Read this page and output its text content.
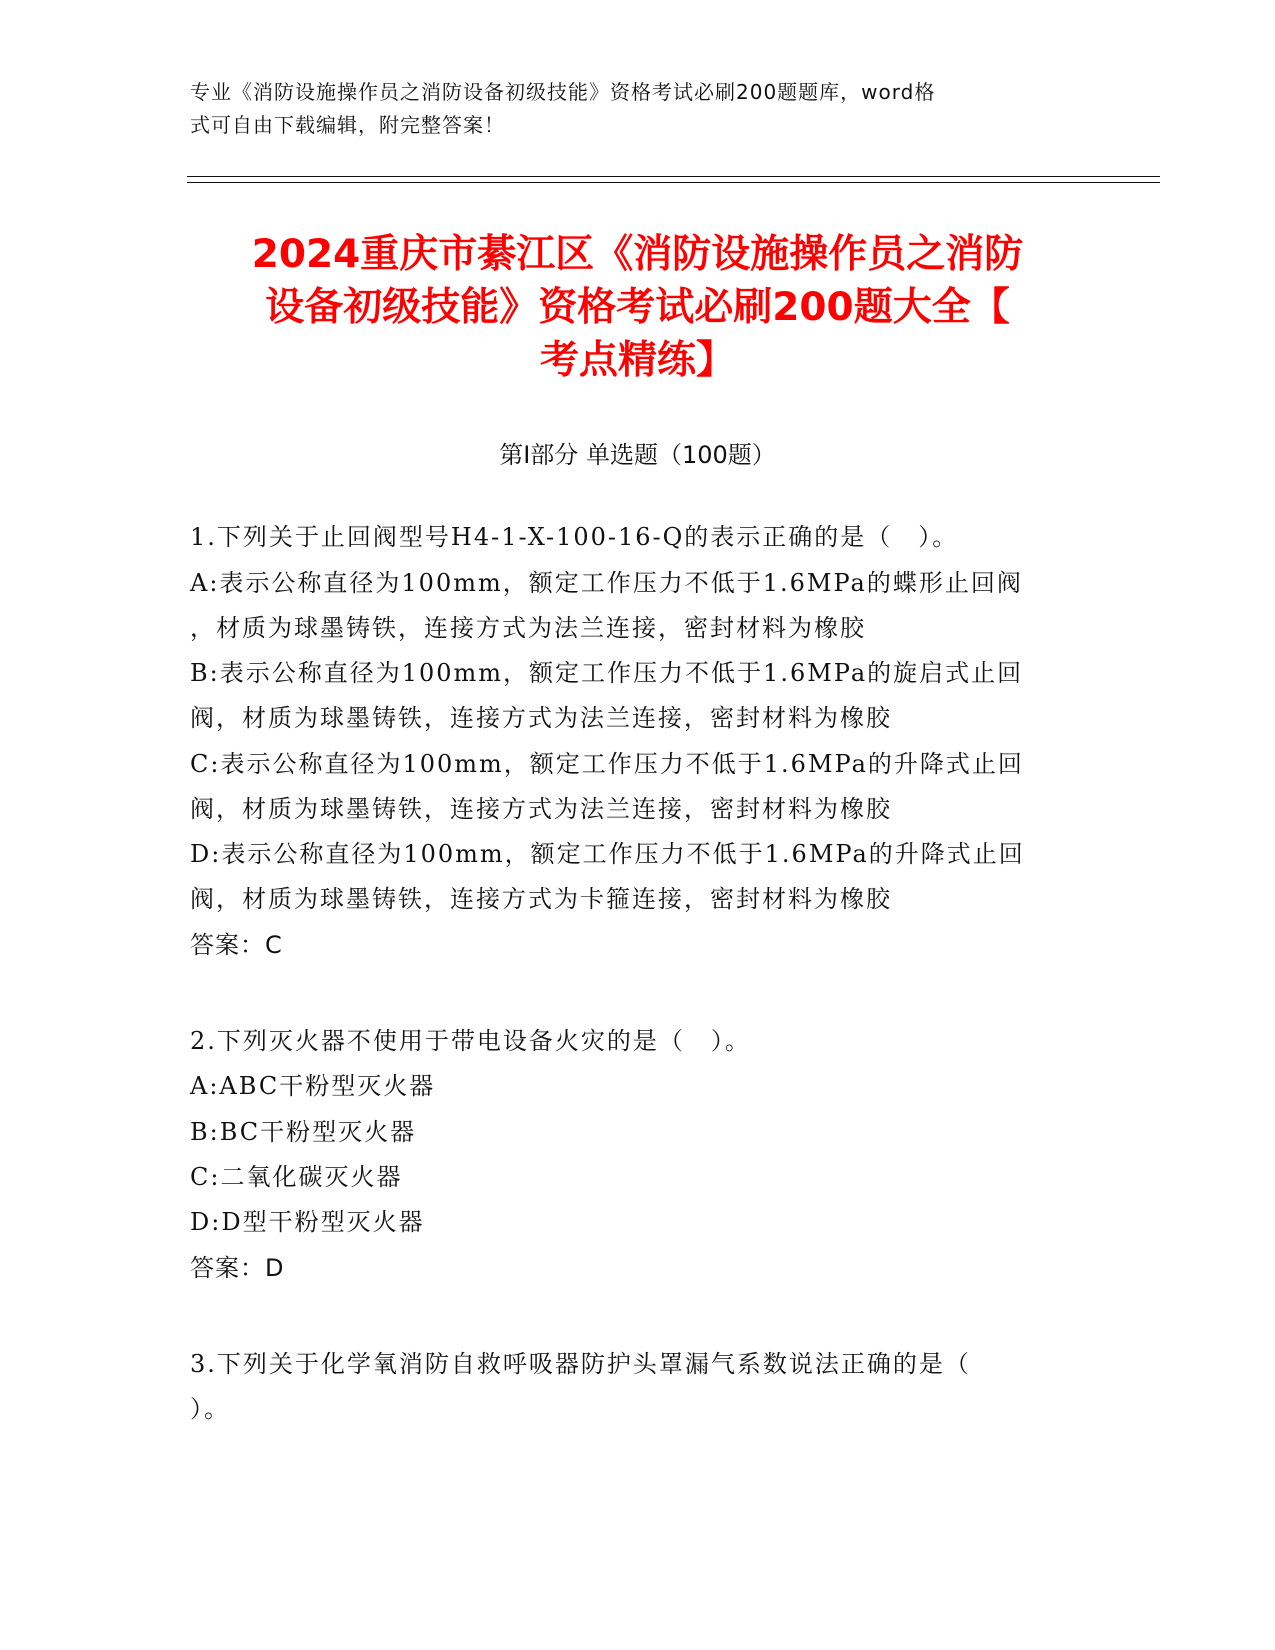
专业《消防设施操作员之消防设备初级技能》资格考试必刷200题题库，word格
式可自由下载编辑，附完整答案！
2024重庆市綦江区《消防设施操作员之消防
设备初级技能》资格考试必刷200题大全【
考点精练】
第Ⅰ部分 单选题（100题）
1.下列关于止回阀型号H4-1-X-100-16-Q的表示正确的是（　）。
A:表示公称直径为100mm，额定工作压力不低于1.6MPa的蝶形止回阀
，材质为球墨铸铁，连接方式为法兰连接，密封材料为橡胶
B:表示公称直径为100mm，额定工作压力不低于1.6MPa的旋启式止回
阀，材质为球墨铸铁，连接方式为法兰连接，密封材料为橡胶
C:表示公称直径为100mm，额定工作压力不低于1.6MPa的升降式止回
阀，材质为球墨铸铁，连接方式为法兰连接，密封材料为橡胶
D:表示公称直径为100mm，额定工作压力不低于1.6MPa的升降式止回
阀，材质为球墨铸铁，连接方式为卡箍连接，密封材料为橡胶
答案：C
2.下列灭火器不使用于带电设备火灾的是（　）。
A:ABC干粉型灭火器
B:BC干粉型灭火器
C:二氧化碳灭火器
D:D型干粉型灭火器
答案：D
3.下列关于化学氧消防自救呼吸器防护头罩漏气系数说法正确的是（
）。
